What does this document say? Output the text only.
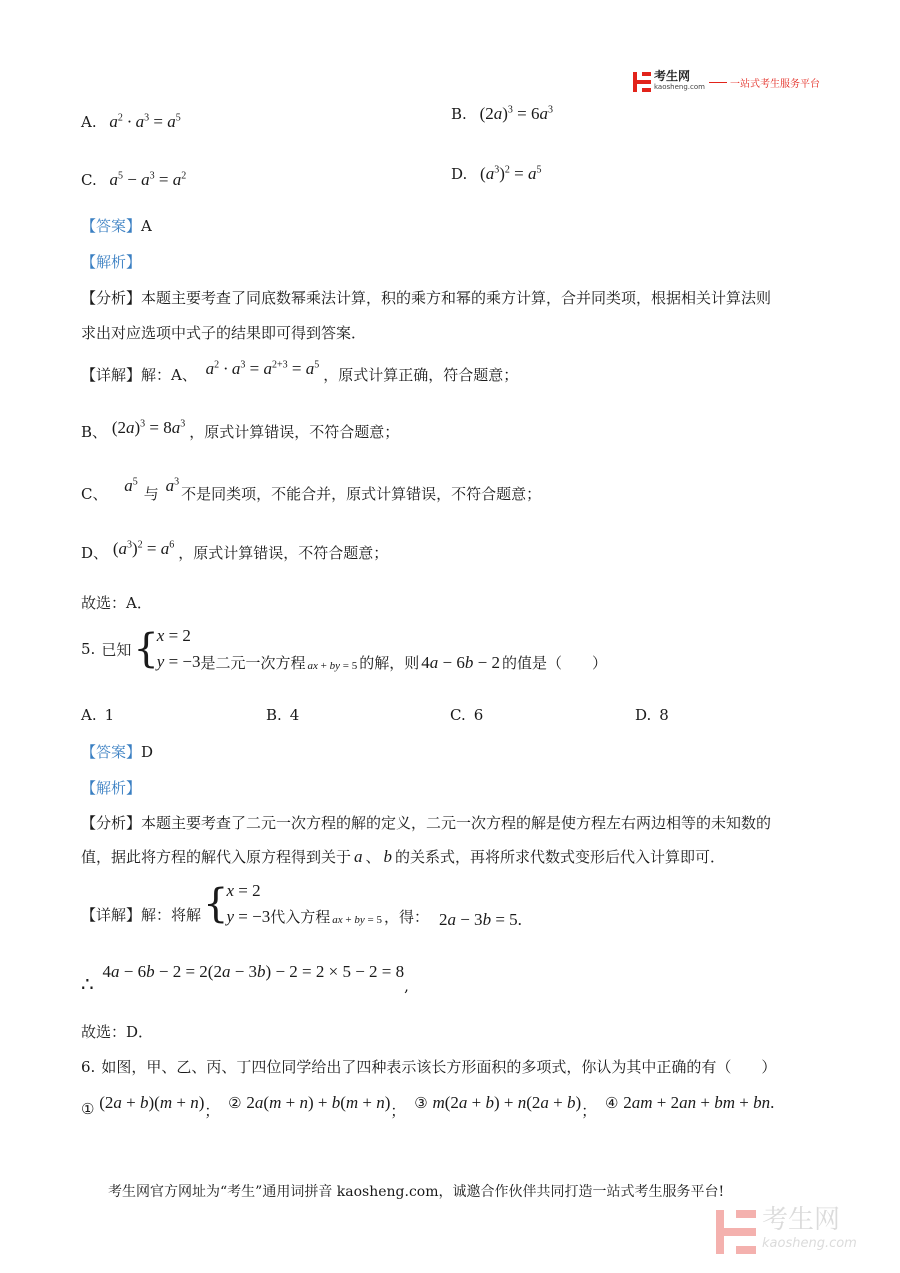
考生网
kaosheng.com	一站式考生服务平台
A. $a^2 \cdot a^3 = a^5$	B. $(2a)^3 = 6a^3$
C. $a^5 - a^3 = a^2$	D. $(a^3)^2 = a^5$
【答案】A
【解析】
【分析】本题主要考查了同底数幂乘法计算，积的乘方和幂的乘方计算，合并同类项，根据相关计算法则
求出对应选项中式子的结果即可得到答案．
【详解】解：A、 $a^2 \cdot a^3 = a^{2+3} = a^5$，原式计算正确，符合题意；
B、 $(2a)^3 = 8a^3$ ，原式计算错误，不符合题意；
C、 $a^5$与 $a^3$不是同类项，不能合并，原式计算错误，不符合题意；
D、 $(a^3)^2 = a^6$ ，原式计算错误，不符合题意；
故选：A．
5. 已知 {
x = 2
y = −3 是二元一次方程 ax + by = 5 的解，则 4a − 6b − 2 的值是（　　）
A. 1	B. 4	C. 6	D. 8
【答案】D
【解析】
【分析】本题主要考查了二元一次方程的解的定义，二元一次方程的解是使方程左右两边相等的未知数的
值，据此将方程的解代入原方程得到关于 a 、 b 的关系式，再将所求代数式变形后代入计算即可．
【详解】 解：将解 {
x = 2
y = −3 代入方程 ax + by = 5 ，得： 2a − 3b = 5.
∴ 4a − 6b − 2 = 2(2a − 3b) − 2 = 2 × 5 − 2 = 8,
故选：D．
6. 如图，甲、乙、丙、丁四位同学给出了四种表示该长方形面积的多项式，你认为其中正确的有（　　）
① (2a + b)(m + n)； ② 2a(m + n) + b(m + n)； ③ m(2a + b) + n(2a + b)； ④ 2am + 2an + bm + bn.
考生网官方网址为“考生”通用词拼音 kaosheng.com，诚邀合作伙伴共同打造一站式考生服务平台!
考生网
kaosheng.com
